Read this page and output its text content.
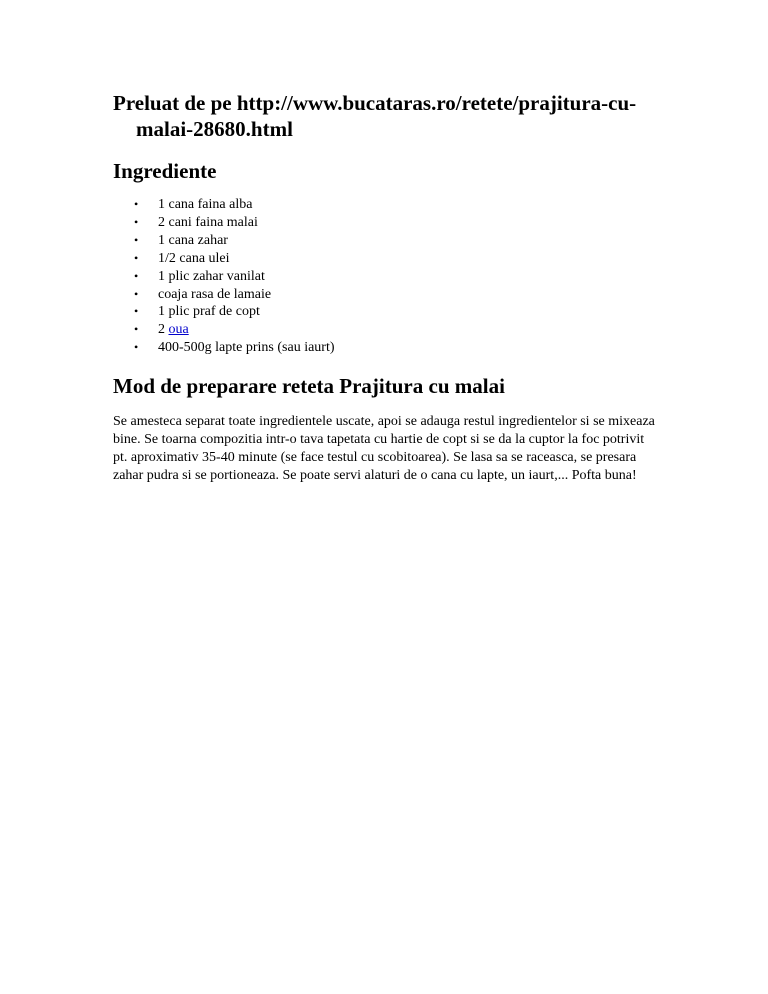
Preluat de pe http://www.bucataras.ro/retete/prajitura-cu-malai-28680.html
Ingrediente
• 1 cana faina alba
• 2 cani faina malai
• 1 cana zahar
• 1/2 cana ulei
• 1 plic zahar vanilat
• coaja rasa de lamaie
• 1 plic praf de copt
• 2 oua
• 400-500g lapte prins (sau iaurt)
Mod de preparare reteta Prajitura cu malai

Se amesteca separat toate ingredientele uscate, apoi se adauga restul ingredientelor si se mixeaza bine. Se toarna compozitia intr-o tava tapetata cu hartie de copt si se da la cuptor la foc potrivit pt. aproximativ 35-40 minute (se face testul cu scobitoarea). Se lasa sa se raceasca, se presara zahar pudra si se portioneaza. Se poate servi alaturi de o cana cu lapte, un iaurt,... Pofta buna!
